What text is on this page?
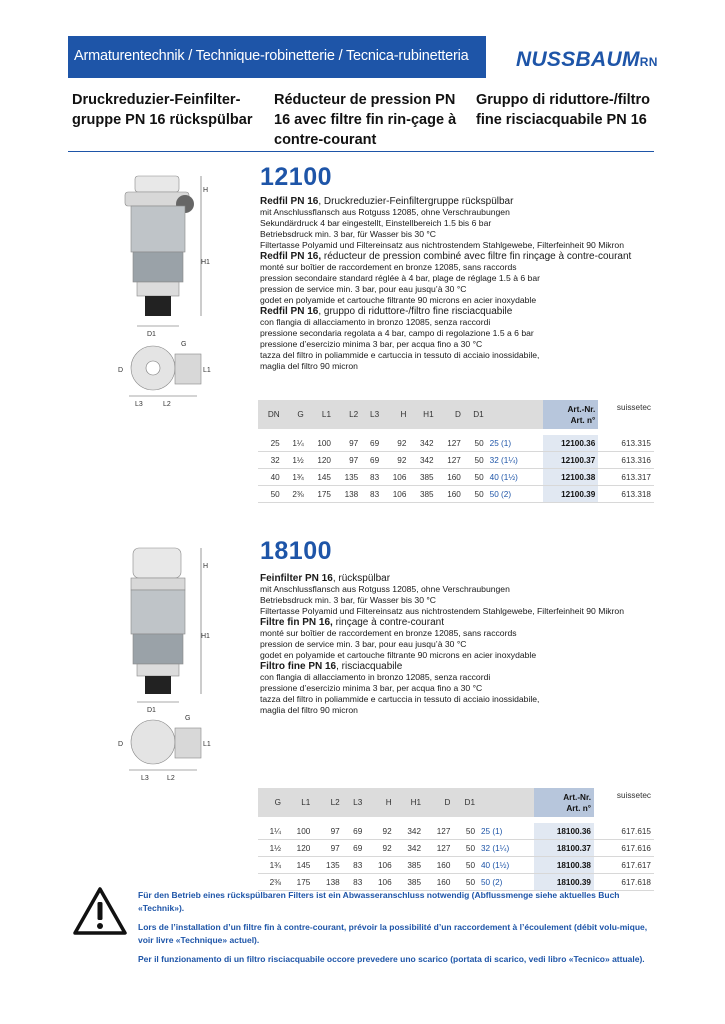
Armaturentechnik / Technique-robinetterie / Tecnica-rubinetteria NUSSBAUMRN
Druckreduzier-Feinfilter-gruppe PN 16 rückspülbar
Réducteur de pression PN 16 avec filtre fin rin-çage à contre-courant
Gruppo di riduttore-/filtro fine risciacquabile PN 16
H
H1
D1
G
D	L1
L3	L2
12100

Redfil PN 16, Druckreduzier-Feinfiltergruppe rückspülbar

mit Anschlussflansch aus Rotguss 12085, ohne Verschraubungen

Sekundärdruck 4 bar eingestellt, Einstellbereich 1.5 bis 6 bar

Betriebsdruck min. 3 bar, für Wasser bis 30 °C

Filtertasse Polyamid und Filtereinsatz aus nichtrostendem Stahlgewebe, Filterfeinheit 90 Mikron

Redfil PN 16, réducteur de pression combiné avec filtre fin rinçage à contre-courant

monté sur boîtier de raccordement en bronze 12085, sans raccords

pression secondaire standard réglée à 4 bar, plage de réglage 1.5 à 6 bar

pression de service min. 3 bar, pour eau jusqu’à 30 °C

godet en polyamide et cartouche filtrante 90 microns en acier inoxydable

Redfil PN 16, gruppo di riduttore-/filtro fine risciacquabile

con flangia di allacciamento in bronzo 12085, senza raccordi

pressione secondaria regolata a 4 bar, campo di regolazione 1.5 a 6 bar

pressione d’esercizio minima 3 bar, per acqua fino a 30 °C

tazza del filtro in poliammide e cartuccia in tessuto di acciaio inossidabile,

maglia del filtro 90 micron

DN	G	L1	L2	L3	H	H1	D	D1		Art.-Nr.
Art. n°	suissetec

25	1¼	100	97	69	92	342	127	50	25 (1)	12100.36	613.315
32	1½	120	97	69	92	342	127	50	32 (1¼)	12100.37	613.316
40	1¾	145	135	83	106	385	160	50	40 (1½)	12100.38	613.317
50	2⅜	175	138	83	106	385	160	50	50 (2)	12100.39	613.318
H
H1
D1
G
D	L1
L3	L2
18100

Feinfilter PN 16, rückspülbar

mit Anschlussflansch aus Rotguss 12085, ohne Verschraubungen

Betriebsdruck min. 3 bar, für Wasser bis 30 °C

Filtertasse Polyamid und Filtereinsatz aus nichtrostendem Stahlgewebe, Filterfeinheit 90 Mikron

Filtre fin PN 16, rinçage à contre-courant

monté sur boîtier de raccordement en bronze 12085, sans raccords

pression de service min. 3 bar, pour eau jusqu’à 30 °C

godet en polyamide et cartouche filtrante 90 microns en acier inoxydable

Filtro fine PN 16, risciacquabile

con flangia di allacciamento in bronzo 12085, senza raccordi

pressione d’esercizio minima 3 bar, per acqua fino a 30 °C

tazza del filtro in poliammide e cartuccia in tessuto di acciaio inossidabile,

maglia del filtro 90 micron

G	L1	L2	L3	H	H1	D	D1		Art.-Nr.
Art. n°	suissetec

1¼	100	97	69	92	342	127	50	25 (1)	18100.36	617.615
1½	120	97	69	92	342	127	50	32 (1¼)	18100.37	617.616
1¾	145	135	83	106	385	160	50	40 (1½)	18100.38	617.617
2⅜	175	138	83	106	385	160	50	50 (2)	18100.39	617.618

Für den Betrieb eines rückspülbaren Filters ist ein Abwasseranschluss notwendig (Abflussmenge siehe aktuelles Buch «Technik»).

Lors de l’installation d’un filtre fin à contre-courant, prévoir la possibilité d’un raccordement à l’écoulement (débit volu-mique, voir livre «Technique» actuel).

Per il funzionamento di un filtro risciacquabile occore prevedere uno scarico (portata di scarico, vedi libro «Tecnico» attuale).
